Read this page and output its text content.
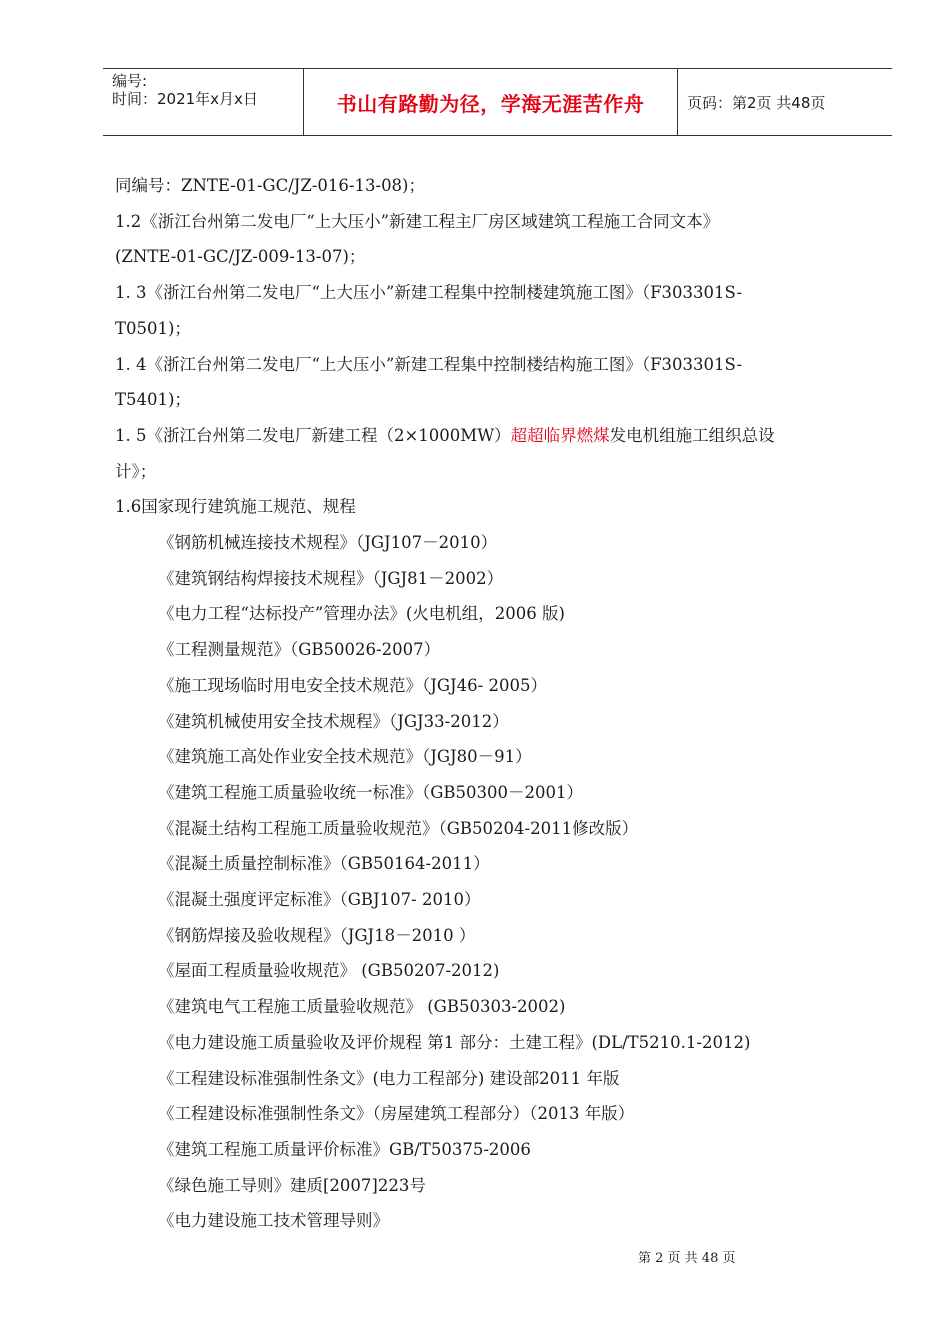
编号:
时间：2021年x月x日	书山有路勤为径，学海无涯苦作舟	页码：第2页 共48页

同编号：ZNTE-01-GC/JZ-016-13-08)；

1.2《浙江台州第二发电厂“上大压小”新建工程主厂房区域建筑工程施工合同文本》

(ZNTE-01-GC/JZ-009-13-07)；

1. 3《浙江台州第二发电厂“上大压小”新建工程集中控制楼建筑施工图》（F303301S-

T0501)；

1. 4《浙江台州第二发电厂“上大压小”新建工程集中控制楼结构施工图》（F303301S-

T5401)；

1. 5《浙江台州第二发电厂新建工程（2×1000MW）超超临界燃煤发电机组施工组织总设

计》；

1.6国家现行建筑施工规范、规程

《钢筋机械连接技术规程》（JGJ107－2010）

《建筑钢结构焊接技术规程》（JGJ81－2002）

《电力工程“达标投产”管理办法》(火电机组，2006 版)

《工程测量规范》（GB50026-2007）

《施工现场临时用电安全技术规范》（JGJ46- 2005）

《建筑机械使用安全技术规程》（JGJ33-2012）

《建筑施工高处作业安全技术规范》（JGJ80－91）

《建筑工程施工质量验收统一标准》（GB50300－2001）

《混凝土结构工程施工质量验收规范》（GB50204-2011修改版）

《混凝土质量控制标准》（GB50164-2011）

《混凝土强度评定标准》（GBJ107- 2010）

《钢筋焊接及验收规程》（JGJ18－2010 ）

《屋面工程质量验收规范》 (GB50207-2012)

《建筑电气工程施工质量验收规范》 (GB50303-2002)

《电力建设施工质量验收及评价规程 第1 部分：土建工程》(DL/T5210.1-2012)

《工程建设标准强制性条文》(电力工程部分) 建设部2011 年版

《工程建设标准强制性条文》（房屋建筑工程部分）（2013 年版）

《建筑工程施工质量评价标准》GB/T50375-2006

《绿色施工导则》建质[2007]223号

《电力建设施工技术管理导则》

第 2 页 共 48 页
